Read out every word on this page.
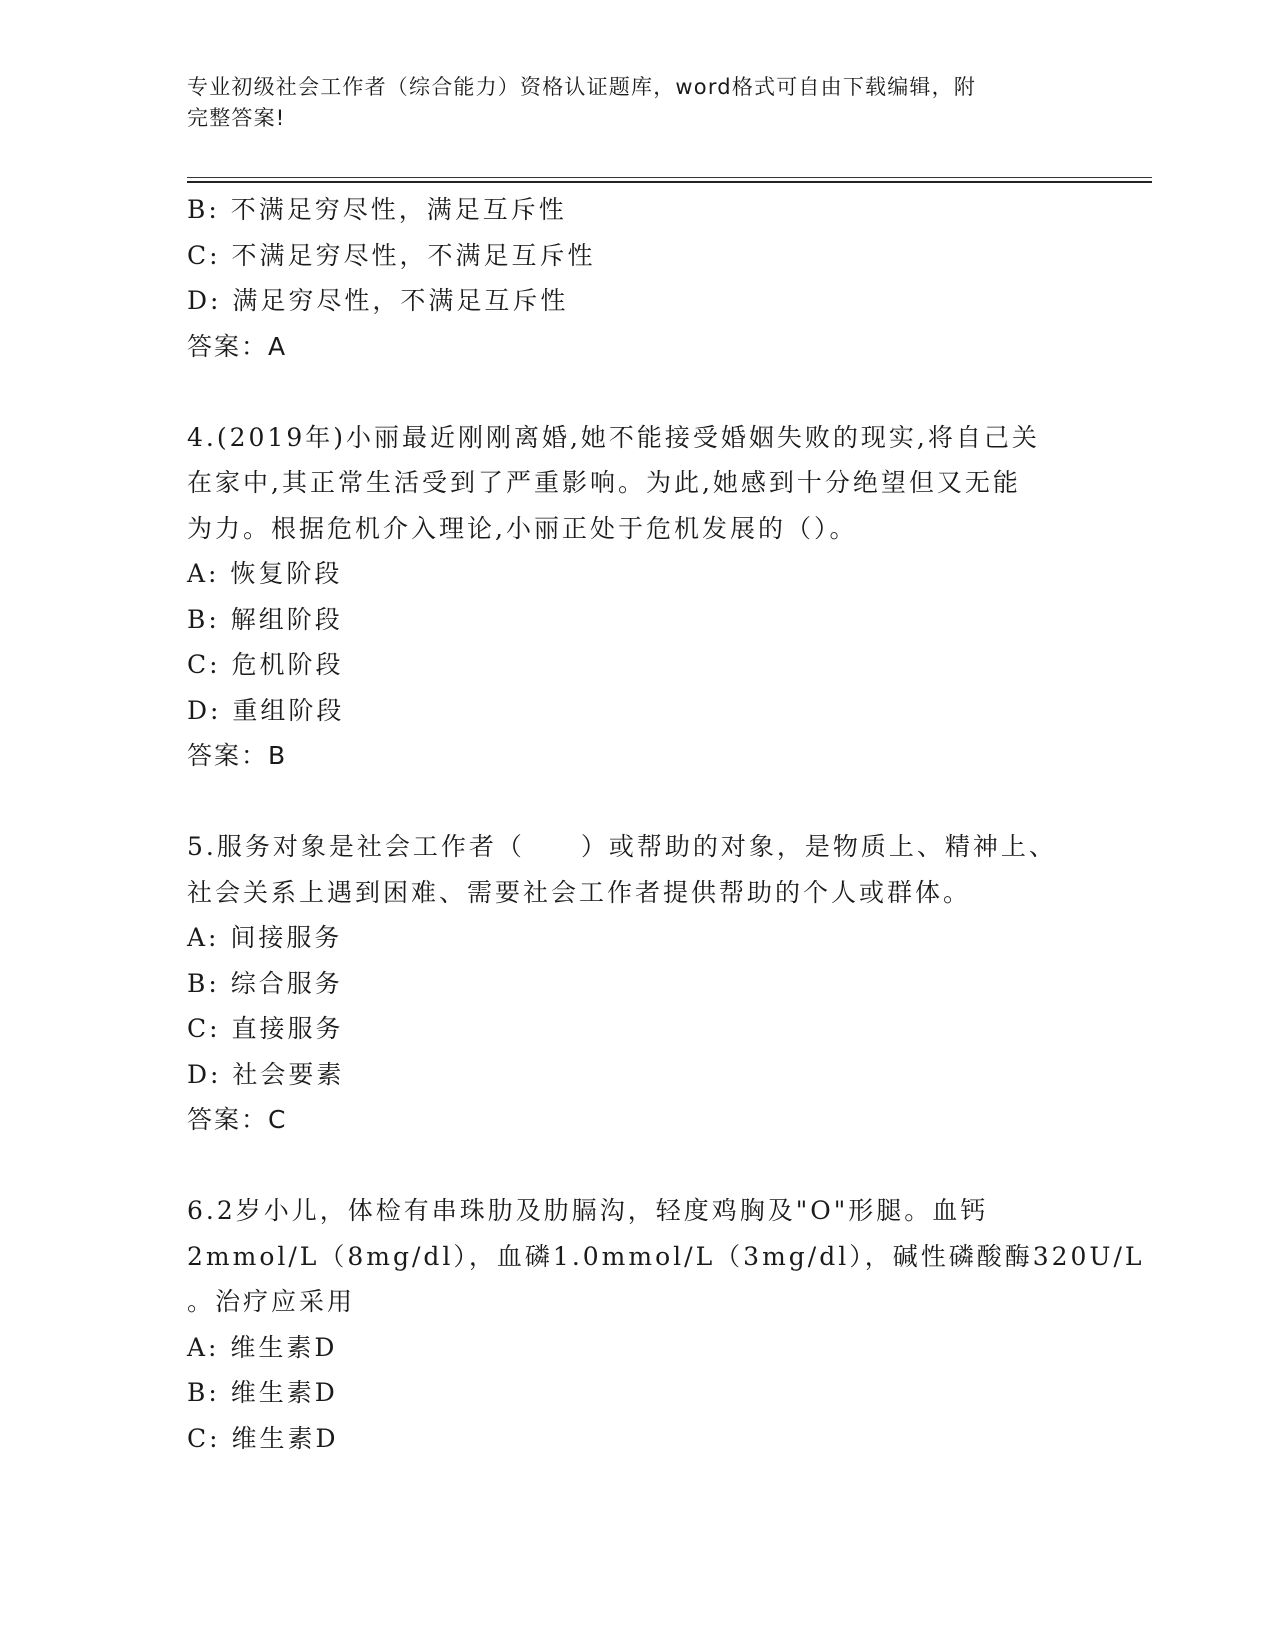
专业初级社会工作者（综合能力）资格认证题库，word格式可自由下载编辑，附
完整答案!
B: 不满足穷尽性，满足互斥性
C: 不满足穷尽性，不满足互斥性
D: 满足穷尽性，不满足互斥性
答案：A
4.(2019年)小丽最近刚刚离婚,她不能接受婚姻失败的现实,将自己关
在家中,其正常生活受到了严重影响。为此,她感到十分绝望但又无能
为力。根据危机介入理论,小丽正处于危机发展的（）。
A: 恢复阶段
B: 解组阶段
C: 危机阶段
D: 重组阶段
答案：B
5.服务对象是社会工作者（　　）或帮助的对象，是物质上、精神上、
社会关系上遇到困难、需要社会工作者提供帮助的个人或群体。
A: 间接服务
B: 综合服务
C: 直接服务
D: 社会要素
答案：C
6.2岁小儿，体检有串珠肋及肋膈沟，轻度鸡胸及"O"形腿。血钙
2mmol/L（8mg/dl），血磷1.0mmol/L（3mg/dl），碱性磷酸酶320U/L
。治疗应采用
A: 维生素D
B: 维生素D
C: 维生素D
